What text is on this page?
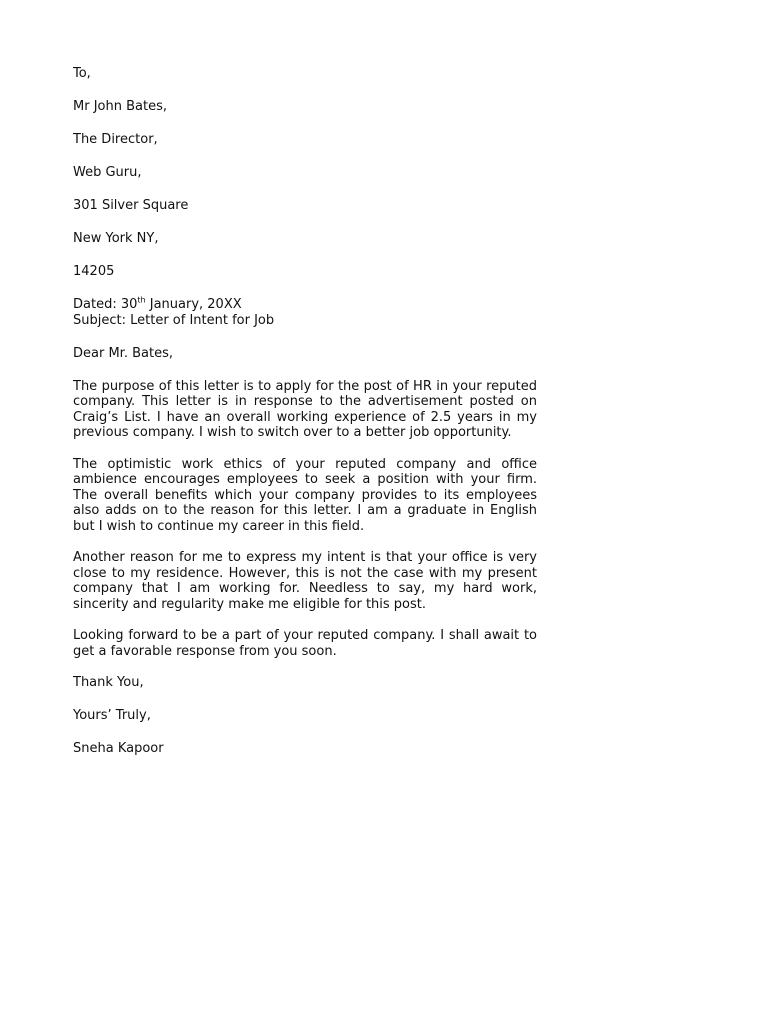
To,
Mr John Bates,
The Director,
Web Guru,
301 Silver Square
New York NY,
14205
Dated: 30th January, 20XX
Subject: Letter of Intent for Job
Dear Mr. Bates,
The purpose of this letter is to apply for the post of HR in your reputed company. This letter is in response to the advertisement posted on Craig’s List. I have an overall working experience of 2.5 years in my previous company. I wish to switch over to a better job opportunity.
The optimistic work ethics of your reputed company and office ambience encourages employees to seek a position with your firm. The overall benefits which your company provides to its employees also adds on to the reason for this letter. I am a graduate in English but I wish to continue my career in this field.
Another reason for me to express my intent is that your office is very close to my residence. However, this is not the case with my present company that I am working for. Needless to say, my hard work, sincerity and regularity make me eligible for this post.
Looking forward to be a part of your reputed company. I shall await to get a favorable response from you soon.
Thank You,
Yours’ Truly,
Sneha Kapoor
